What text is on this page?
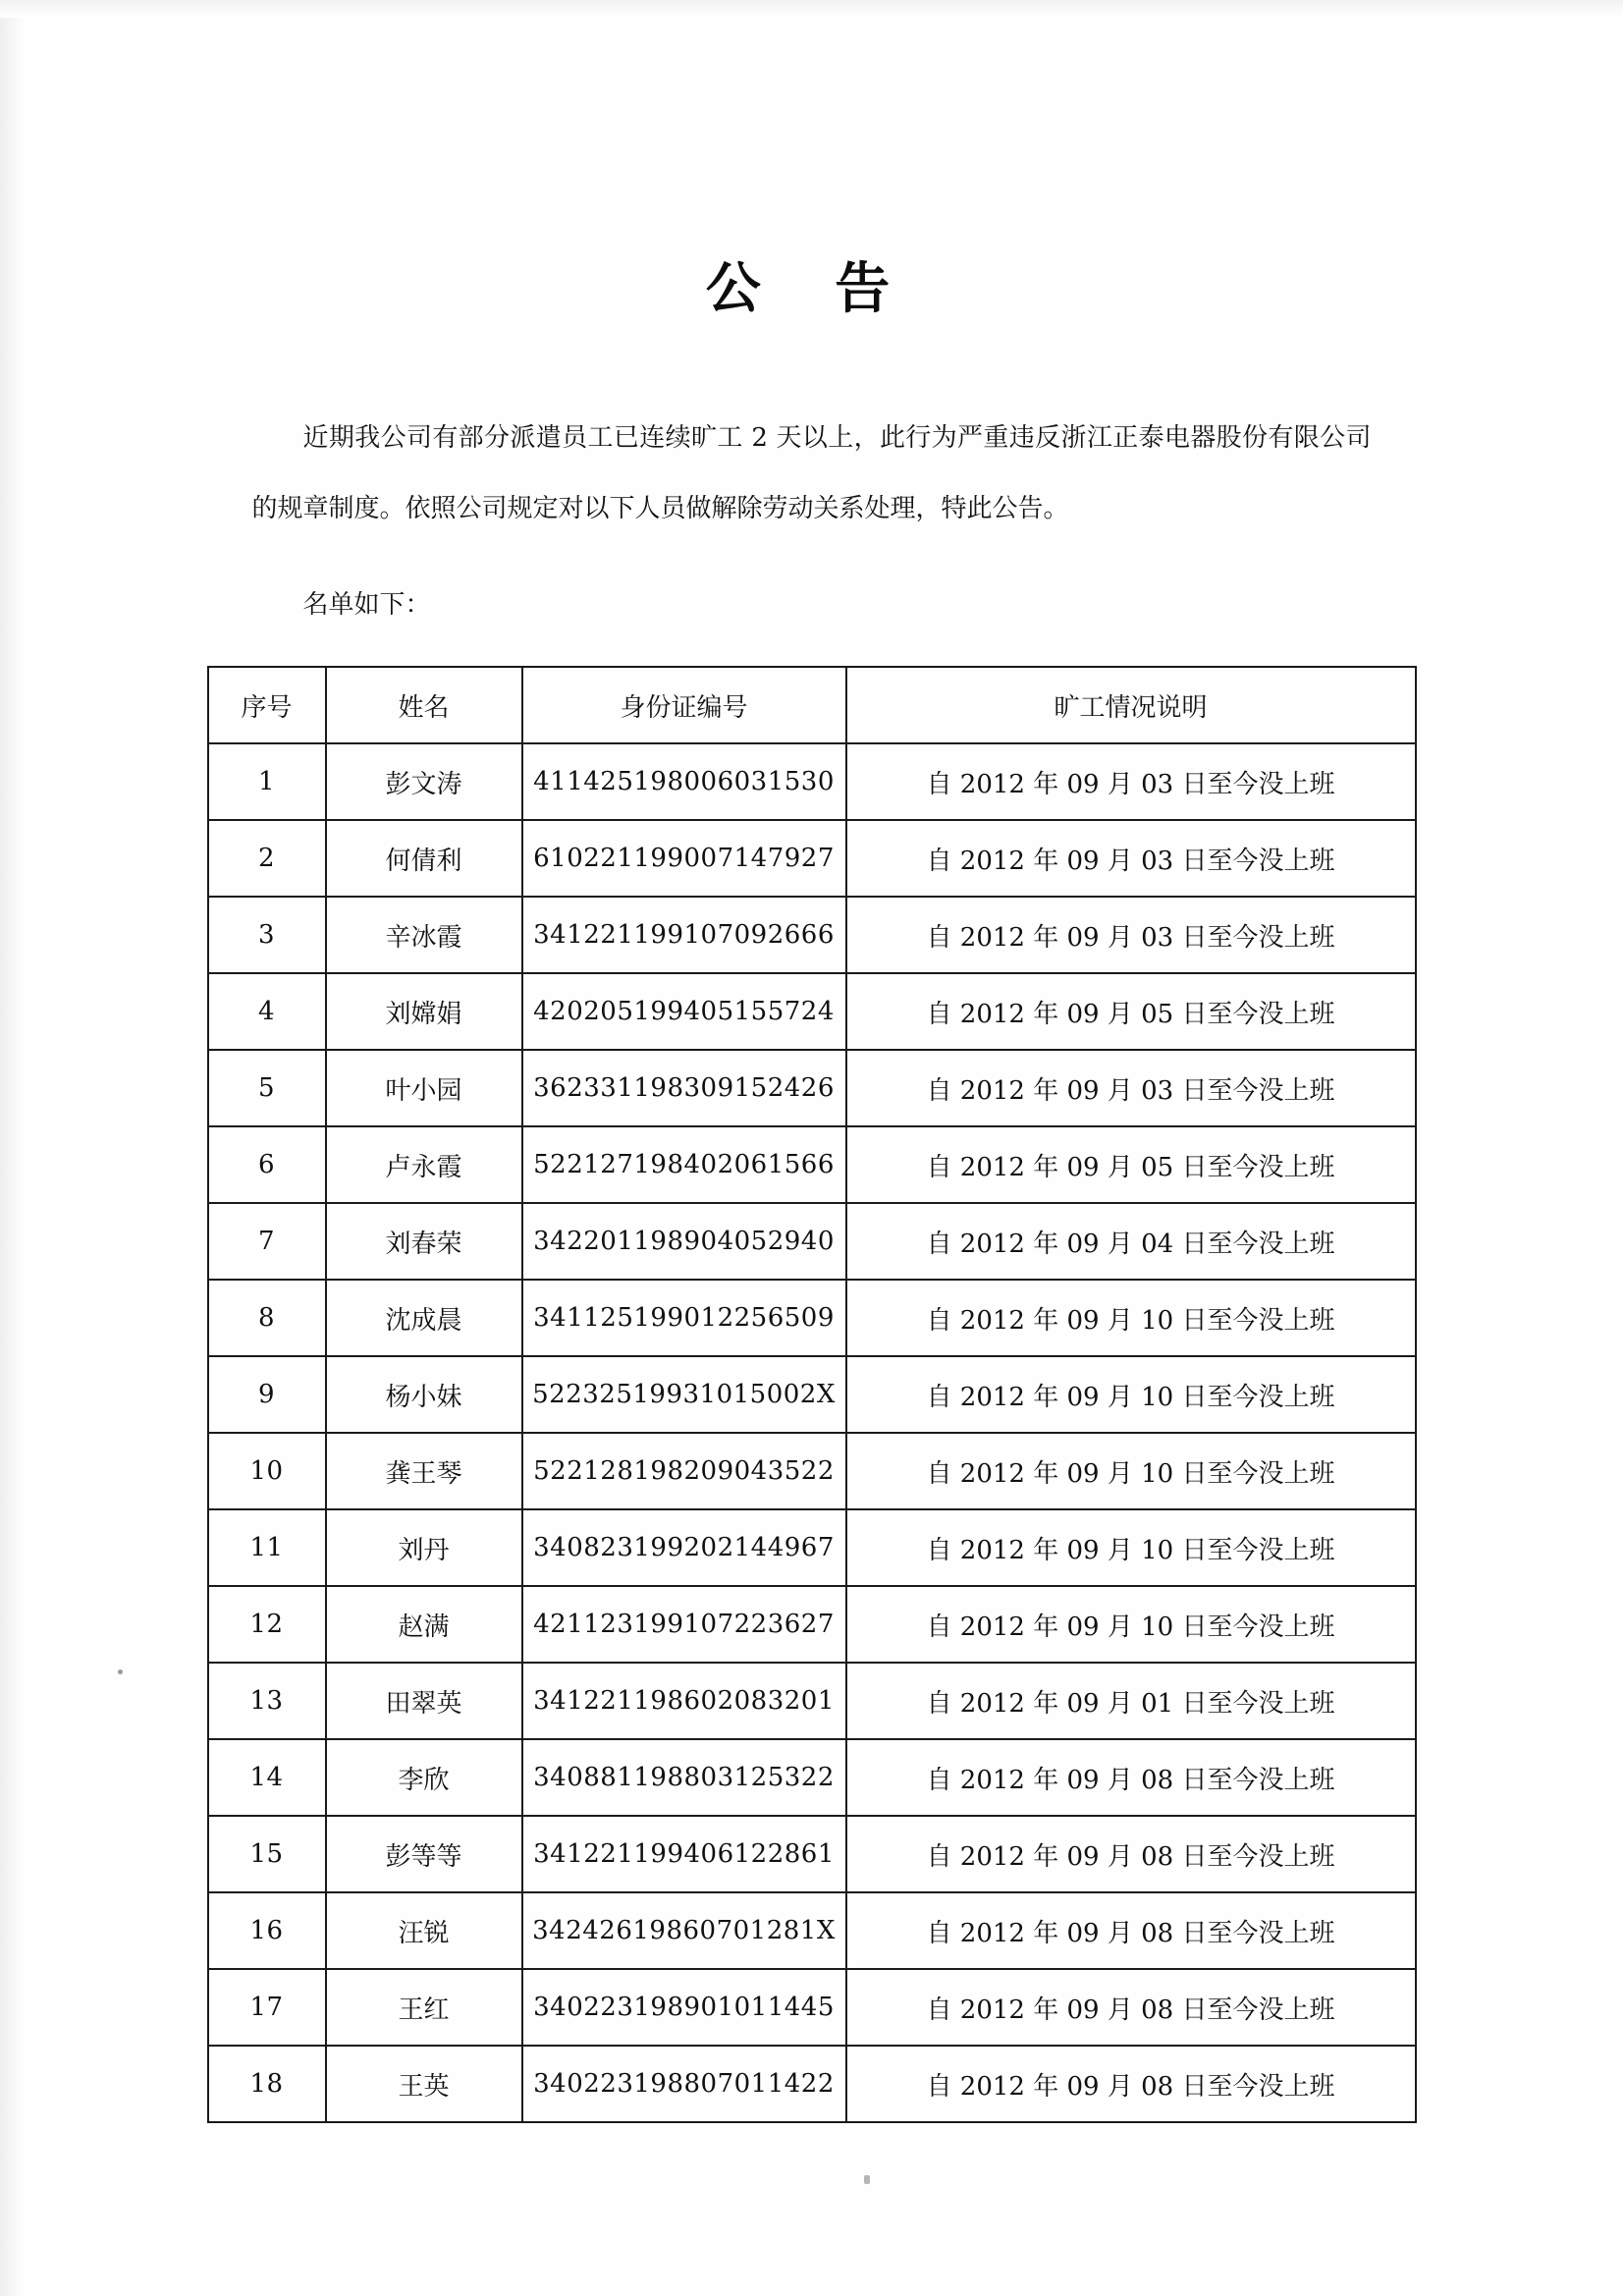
公 告
近期我公司有部分派遣员工已连续旷工 2 天以上，此行为严重违反浙江正泰电器股份有限公司的规章制度。依照公司规定对以下人员做解除劳动关系处理，特此公告。
名单如下：
序号	姓名	身份证编号	旷工情况说明
1	彭文涛	411425198006031530	自 2012 年 09 月 03 日至今没上班
2	何倩利	610221199007147927	自 2012 年 09 月 03 日至今没上班
3	辛冰霞	341221199107092666	自 2012 年 09 月 03 日至今没上班
4	刘嫦娟	420205199405155724	自 2012 年 09 月 05 日至今没上班
5	叶小园	362331198309152426	自 2012 年 09 月 03 日至今没上班
6	卢永霞	522127198402061566	自 2012 年 09 月 05 日至今没上班
7	刘春荣	342201198904052940	自 2012 年 09 月 04 日至今没上班
8	沈成晨	341125199012256509	自 2012 年 09 月 10 日至今没上班
9	杨小妹	52232519931015002X	自 2012 年 09 月 10 日至今没上班
10	龚王琴	522128198209043522	自 2012 年 09 月 10 日至今没上班
11	刘丹	340823199202144967	自 2012 年 09 月 10 日至今没上班
12	赵满	421123199107223627	自 2012 年 09 月 10 日至今没上班
13	田翠英	341221198602083201	自 2012 年 09 月 01 日至今没上班
14	李欣	340881198803125322	自 2012 年 09 月 08 日至今没上班
15	彭等等	341221199406122861	自 2012 年 09 月 08 日至今没上班
16	汪锐	34242619860701281X	自 2012 年 09 月 08 日至今没上班
17	王红	340223198901011445	自 2012 年 09 月 08 日至今没上班
18	王英	340223198807011422	自 2012 年 09 月 08 日至今没上班
